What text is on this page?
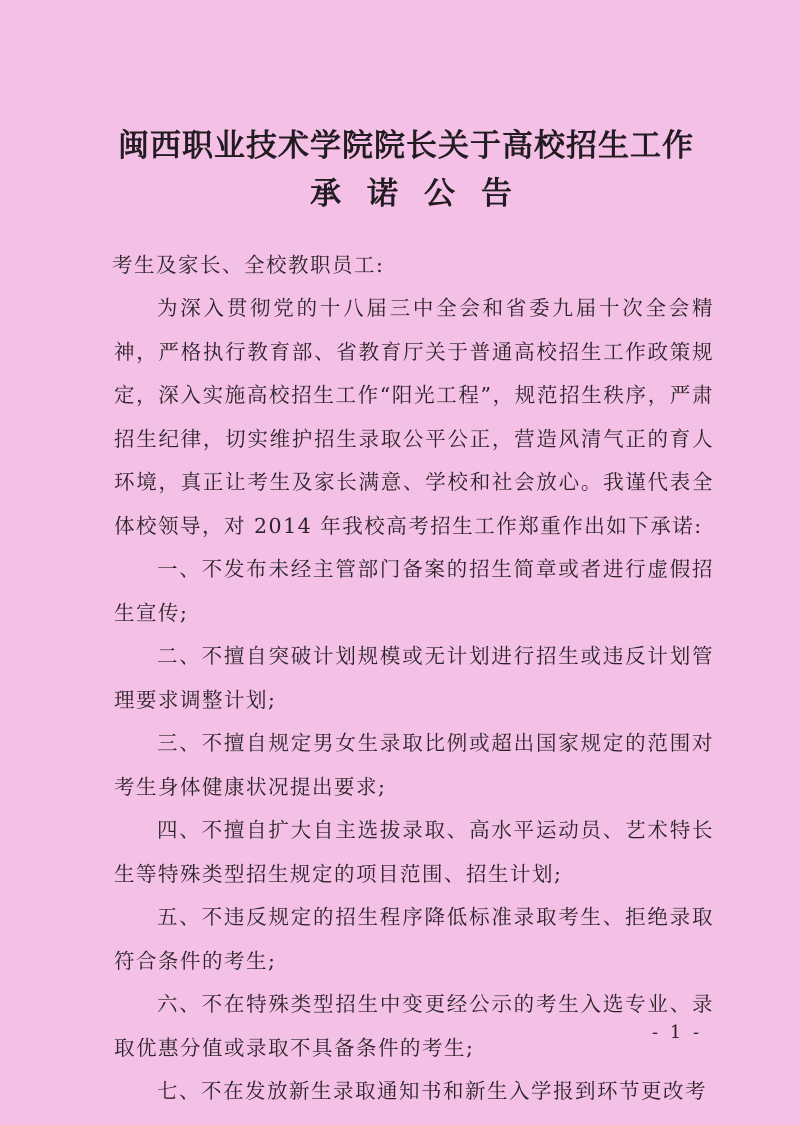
闽西职业技术学院院长关于高校招生工作
承诺公告
考生及家长、全校教职员工:
为深入贯彻党的十八届三中全会和省委九届十次全会精神，严格执行教育部、省教育厅关于普通高校招生工作政策规定，深入实施高校招生工作“阳光工程”，规范招生秩序，严肃招生纪律，切实维护招生录取公平公正，营造风清气正的育人环境，真正让考生及家长满意、学校和社会放心。我谨代表全体校领导，对 2014 年我校高考招生工作郑重作出如下承诺:
一、不发布未经主管部门备案的招生简章或者进行虚假招生宣传;
二、不擅自突破计划规模或无计划进行招生或违反计划管理要求调整计划;
三、不擅自规定男女生录取比例或超出国家规定的范围对考生身体健康状况提出要求;
四、不擅自扩大自主选拔录取、高水平运动员、艺术特长生等特殊类型招生规定的项目范围、招生计划;
五、不违反规定的招生程序降低标准录取考生、拒绝录取符合条件的考生;
六、不在特殊类型招生中变更经公示的考生入选专业、录取优惠分值或录取不具备条件的考生;
七、不在发放新生录取通知书和新生入学报到环节更改考
- 1 -
